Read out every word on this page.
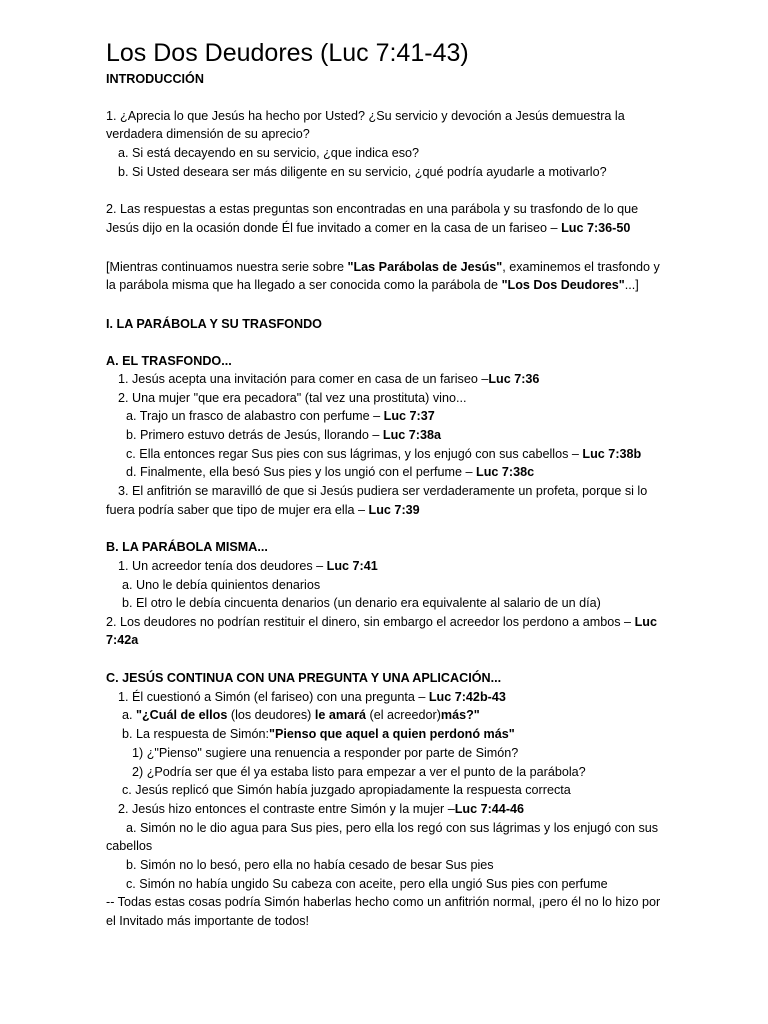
Los Dos Deudores (Luc 7:41-43)
INTRODUCCIÓN
1. ¿Aprecia lo que Jesús ha hecho por Usted? ¿Su servicio y devoción a Jesús demuestra la
verdadera dimensión de su aprecio?
a. Si está decayendo en su servicio, ¿que indica eso?
b. Si Usted deseara ser más diligente en su servicio, ¿qué podría ayudarle a motivarlo?
2. Las respuestas a estas preguntas son encontradas en una parábola y su trasfondo de lo que
Jesús dijo en la ocasión donde Él fue invitado a comer en la casa de un fariseo – Luc 7:36-50
[Mientras continuamos nuestra serie sobre "Las Parábolas de Jesús", examinemos el trasfondo y
la parábola misma que ha llegado a ser conocida como la parábola de "Los Dos Deudores"...]
I. LA PARÁBOLA Y SU TRASFONDO
A. EL TRASFONDO...
1. Jesús acepta una invitación para comer en casa de un fariseo –Luc 7:36
2. Una mujer "que era pecadora" (tal vez una prostituta) vino...
a. Trajo un frasco de alabastro con perfume – Luc 7:37
b. Primero estuvo detrás de Jesús, llorando – Luc 7:38a
c. Ella entonces regar Sus pies con sus lágrimas, y los enjugó con sus cabellos – Luc 7:38b
d. Finalmente, ella besó Sus pies y los ungió con el perfume – Luc 7:38c
3. El anfitrión se maravilló de que si Jesús pudiera ser verdaderamente un profeta, porque si lo
fuera podría saber que tipo de mujer era ella – Luc 7:39
B. LA PARÁBOLA MISMA...
1. Un acreedor tenía dos deudores – Luc 7:41
a. Uno le debía quinientos denarios
b. El otro le debía cincuenta denarios (un denario era equivalente al salario de un día)
2. Los deudores no podrían restituir el dinero, sin embargo el acreedor los perdono a ambos – Luc
7:42a
C. JESÚS CONTINUA CON UNA PREGUNTA Y UNA APLICACIÓN...
1. Él cuestionó a Simón (el fariseo) con una pregunta – Luc 7:42b-43
a. "¿Cuál de ellos (los deudores) le amará (el acreedor)más?"
b. La respuesta de Simón:"Pienso que aquel a quien perdonó más"
1) ¿"Pienso" sugiere una renuencia a responder por parte de Simón?
2) ¿Podría ser que él ya estaba listo para empezar a ver el punto de la parábola?
c. Jesús replicó que Simón había juzgado apropiadamente la respuesta correcta
2. Jesús hizo entonces el contraste entre Simón y la mujer –Luc 7:44-46
a. Simón no le dio agua para Sus pies, pero ella los regó con sus lágrimas y los enjugó con sus
cabellos
b. Simón no lo besó, pero ella no había cesado de besar Sus pies
c. Simón no había ungido Su cabeza con aceite, pero ella ungió Sus pies con perfume
-- Todas estas cosas podría Simón haberlas hecho como un anfitrión normal, ¡pero él no lo hizo por
el Invitado más importante de todos!
